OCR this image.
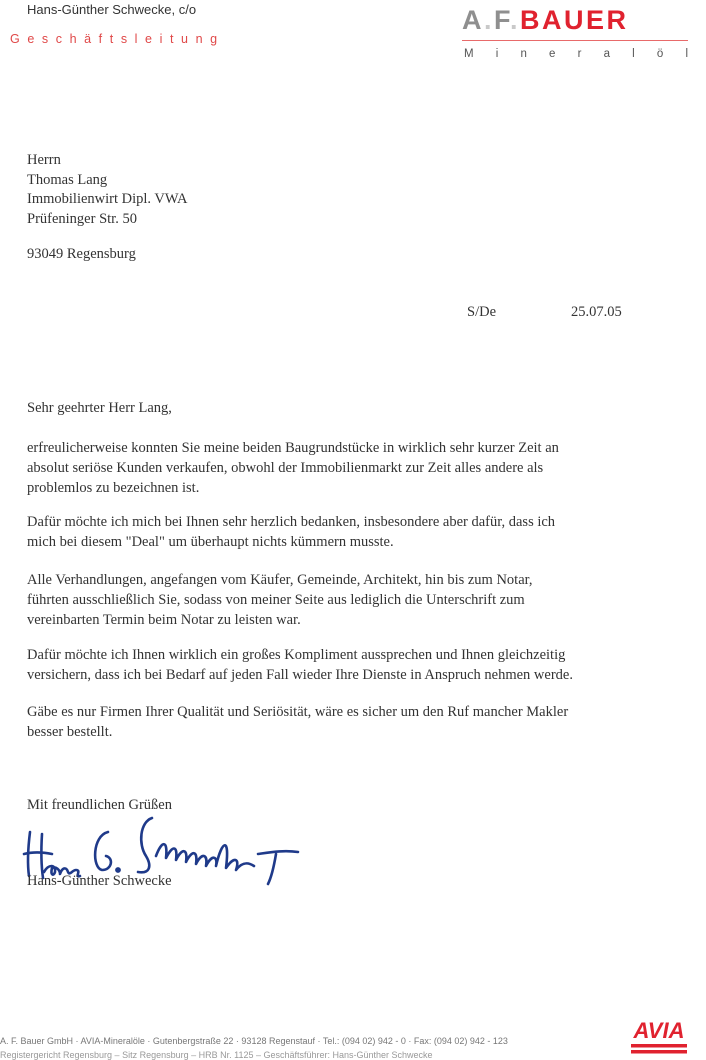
Hans-Günther Schwecke, c/o
Geschäftsleitung
A.F.BAUER
M i n e r a l ö l
Herrn
Thomas Lang
Immobilienwirt Dipl. VWA
Prüfeninger Str. 50
93049 Regensburg
S/De	25.07.05
Sehr geehrter Herr Lang,
erfreulicherweise konnten Sie meine beiden Baugrundstücke in wirklich sehr kurzer Zeit an
absolut seriöse Kunden verkaufen, obwohl der Immobilienmarkt zur Zeit alles andere als
problemlos zu bezeichnen ist.
Dafür möchte ich mich bei Ihnen sehr herzlich bedanken, insbesondere aber dafür, dass ich
mich bei diesem "Deal" um überhaupt nichts kümmern musste.
Alle Verhandlungen, angefangen vom Käufer, Gemeinde, Architekt, hin bis zum Notar,
führten ausschließlich Sie, sodass von meiner Seite aus lediglich die Unterschrift zum
vereinbarten Termin beim Notar zu leisten war.
Dafür möchte ich Ihnen wirklich ein großes Kompliment aussprechen und Ihnen gleichzeitig
versichern, dass ich bei Bedarf auf jeden Fall wieder Ihre Dienste in Anspruch nehmen werde.
Gäbe es nur Firmen Ihrer Qualität und Seriösität, wäre es sicher um den Ruf mancher Makler
besser bestellt.
Mit freundlichen Grüßen
Hans-Günther Schwecke
A. F. Bauer GmbH · AVIA-Mineralöle · Gutenbergstraße 22 · 93128 Regenstauf · Tel.: (094 02) 942 - 0 · Fax: (094 02) 942 - 123
Registergericht Regensburg – Sitz Regensburg – HRB Nr. 1125 – Geschäftsführer: Hans-Günther Schwecke
AVIA
